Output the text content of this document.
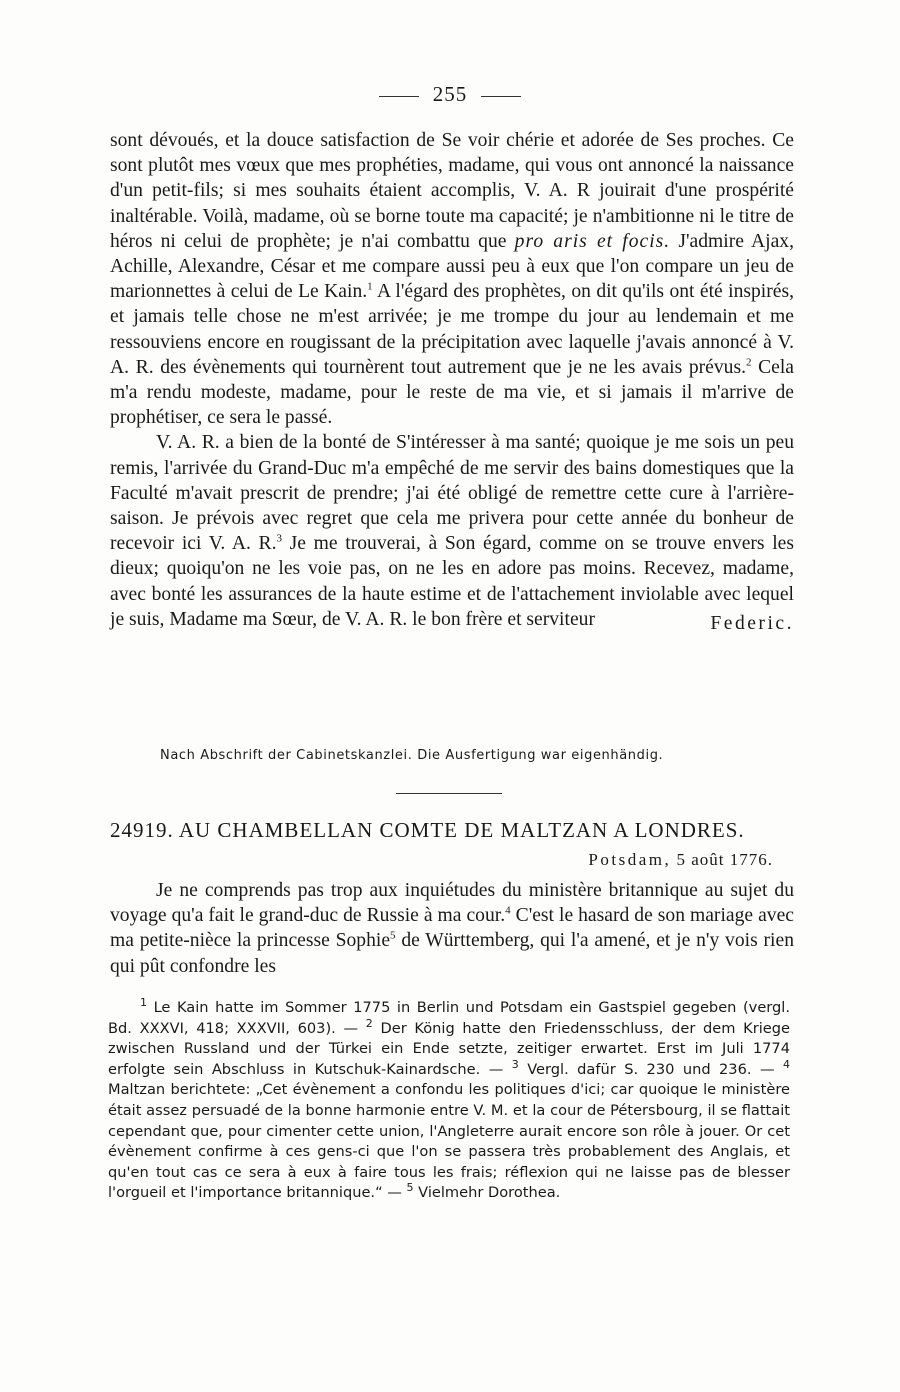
255

sont dévoués, et la douce satisfaction de Se voir chérie et adorée de Ses proches. Ce sont plutôt mes vœux que mes prophéties, madame, qui vous ont annoncé la naissance d'un petit-fils; si mes souhaits étaient accomplis, V. A. R jouirait d'une prospérité inaltérable. Voilà, madame, où se borne toute ma capacité; je n'ambitionne ni le titre de héros ni celui de prophète; je n'ai combattu que pro aris et focis. J'admire Ajax, Achille, Alexandre, César et me compare aussi peu à eux que l'on compare un jeu de marionnettes à celui de Le Kain.$^1$ A l'égard des prophètes, on dit qu'ils ont été inspirés, et jamais telle chose ne m'est arrivée; je me trompe du jour au lendemain et me ressouviens encore en rougissant de la précipitation avec laquelle j'avais annoncé à V. A. R. des évènements qui tournèrent tout autrement que je ne les avais prévus.$^2$ Cela m'a rendu modeste, madame, pour le reste de ma vie, et si jamais il m'arrive de prophétiser, ce sera le passé.

V. A. R. a bien de la bonté de S'intéresser à ma santé; quoique je me sois un peu remis, l'arrivée du Grand-Duc m'a empêché de me servir des bains domestiques que la Faculté m'avait prescrit de prendre; j'ai été obligé de remettre cette cure à l'arrière-saison. Je prévois avec regret que cela me privera pour cette année du bonheur de recevoir ici V. A. R.$^3$ Je me trouverai, à Son égard, comme on se trouve envers les dieux; quoiqu'on ne les voie pas, on ne les en adore pas moins. Recevez, madame, avec bonté les assurances de la haute estime et de l'attachement inviolable avec lequel je suis, Madame ma Sœur, de V. A. R. le bon frère et serviteur	Federic.

Nach Abschrift der Cabinetskanzlei. Die Ausfertigung war eigenhändig.
24919. AU CHAMBELLAN COMTE DE MALTZAN A LONDRES.
Potsdam, 5 août 1776.

Je ne comprends pas trop aux inquiétudes du ministère britannique au sujet du voyage qu'a fait le grand-duc de Russie à ma cour.$^4$ C'est le hasard de son mariage avec ma petite-nièce la princesse Sophie$^5$ de Württemberg, qui l'a amené, et je n'y vois rien qui pût confondre les

$^1$ Le Kain hatte im Sommer 1775 in Berlin und Potsdam ein Gastspiel gegeben (vergl. Bd. XXXVI, 418; XXXVII, 603). — $^2$ Der König hatte den Friedensschluss, der dem Kriege zwischen Russland und der Türkei ein Ende setzte, zeitiger erwartet. Erst im Juli 1774 erfolgte sein Abschluss in Kutschuk-Kainardsche. — $^3$ Vergl. dafür S. 230 und 236. — $^4$ Maltzan berichtete: „Cet évènement a confondu les politiques d'ici; car quoique le ministère était assez persuadé de la bonne harmonie entre V. M. et la cour de Pétersbourg, il se flattait cependant que, pour cimenter cette union, l'Angleterre aurait encore son rôle à jouer. Or cet évènement confirme à ces gens-ci que l'on se passera très probablement des Anglais, et qu'en tout cas ce sera à eux à faire tous les frais; réflexion qui ne laisse pas de blesser l'orgueil et l'importance britannique.“ — $^5$ Vielmehr Dorothea.
